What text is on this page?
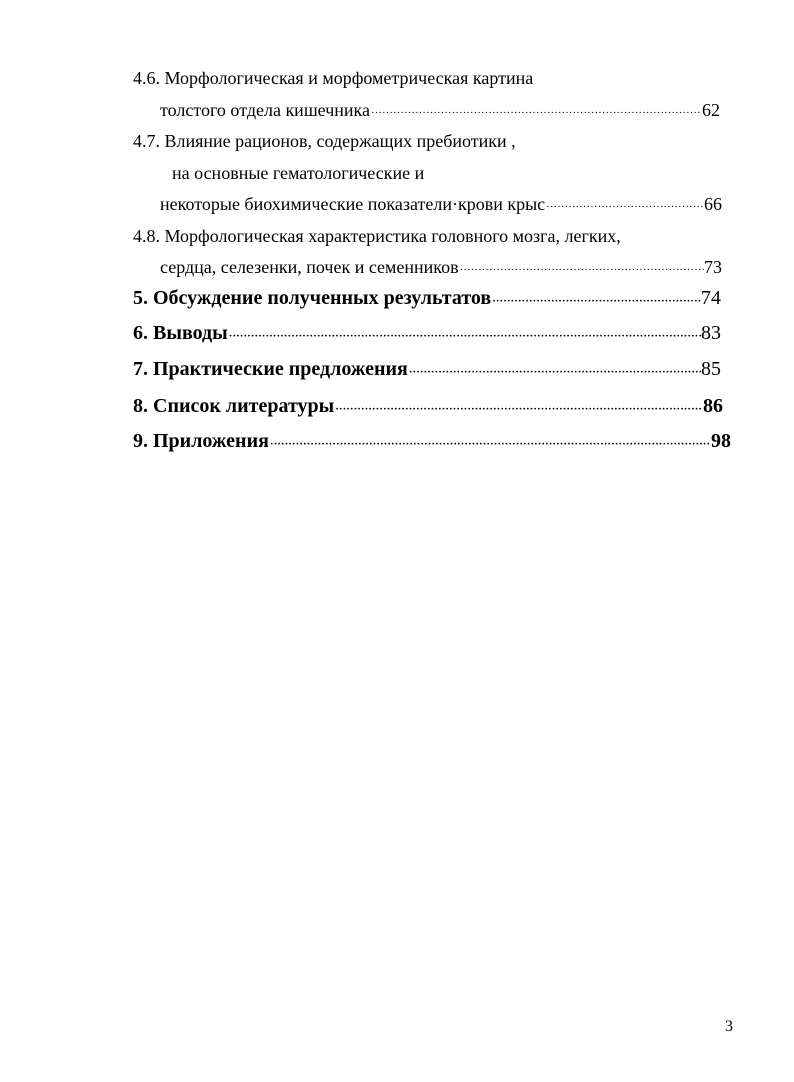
4.6. Морфологическая и морфометрическая картина
толстого отдела кишечника ·····	62
4.7. Влияние рационов, содержащих пребиотики ,
на основные гематологические и
некоторые биохимические показатели·крови крыс ·····	66
4.8. Морфологическая характеристика головного мозга, легких,
сердца, селезенки, почек и семенников ·····	73
5. Обсуждение полученных результатов ·····	74
6. Выводы ·····	83
7. Практические предложения ·····	85
8. Список литературы ·····	86
9. Приложения ·····	98
3
